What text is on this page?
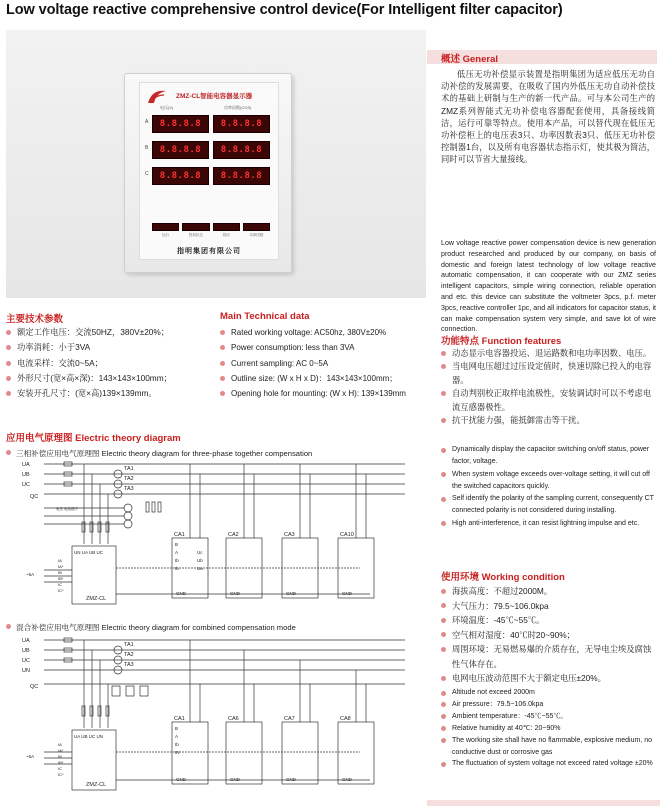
Low voltage reactive comprehensive control device(For Intelligent filter capacitor)
ZMZ-CL智能电容器显示器
电压(V)	功率因数(COS)
A 8.8.8.8 8.8.8.8
B 8.8.8.8 8.8.8.8
C 8.8.8.8 8.8.8.8
运行	投切状态	投切	功率因数
指明集团有限公司
概述 General

低压无功补偿显示装置是指明集团为适应低压无功自动补偿的发展需要，在吸收了国内外低压无功自动补偿技术的基础上研制与生产的新一代产品。可与本公司生产的ZMZ系列智能式无功补偿电容器配套使用，具备接线简洁，运行可靠等特点。使用本产品，可以替代现在低压无功补偿柜上的电压表3只、功率因数表3只、低压无功补偿控制器1台，以及所有电容器状态指示灯，使其极为简洁，同时可以节省大量接线。

Low voltage reactive power compensation device is new generation product researched and produced by our company, on basis of domestic and foreign latest technology of low voltage reactive automatic compensation, it can cooperate with our ZMZ series intelligent capacitors, simple wiring connection, reliable operation and etc. this device can substitute the voltmeter 3pcs, p.f. meter 3pcs, reactive controller 1pc, and all indicators for capacitor status, it can make compensation system very simple, and save lot of wire connection.

主要技术参数	Main Technical data
额定工作电压：交流50HZ，380V±20%；
功率消耗：小于3VA
电流采样：交流0~5A；
外形尺寸(宽×高×深)：143×143×100mm；
安装开孔尺寸：(宽×高)139×139mm。
Rated working voltage: AC50hz, 380V±20%
Power consumption: less than 3VA
Current sampling: AC 0~5A
Outline size: (W x H x D)：143×143×100mm；
Opening hole for mounting: (W x H): 139×139mm
功能特点 Function features
动态显示电容器投运、退运路数和电功率因数、电压。
当电网电压超过过压设定值时，快速切除已投入的电容器。
自动判别校正取样电流极性，安装调试时可以不考虑电流互感器极性。
抗干扰能力强，能抵御雷击等干扰。
Dynamically display the capacitor switching on/off status, power factor, voltage.
When system voltage exceeds over-voltage setting, it will cut off the switched capacitors quickly.
Self identify the polarity of the sampling current, consequently CT connected polarity is not considered during installing.
High anti-interference, it can resist lightning impulse and etc.
使用环境 Working condition
海拔高度：不超过2000M。
大气压力：79.5~106.0kpa
环境温度：-45℃~55℃。
空气相对湿度：40℃时20~90%；
周围环境：无易燃易爆的介质存在，无导电尘埃及腐蚀性气体存在。
电网电压波动范围不大于额定电压±20%。
Altitude not exceed 2000m
Air pressure：79.5~106.0kpa
Ambient temperature：-45℃~55℃。
Relative humidity at 40℃: 20~90%
The working site shall have no flammable, explosive medium, no conductive dust or corrosive gas
The fluctuation of system voltage not exceed rated voltage ±20%
应用电气原理图 Electric theory diagram
三相补偿应用电气原理图 Electric theory diagram for three-phase together compensation
UA
UB
UC
QC
TA1
TA2
TA3
电压 电流端子
UN UA UB UC
ZMZ-CL
~5A
IA
IA*
IB
IB*
IC
IC*
CA1	CA2	CA3	CA10
B
A
Ib
Ib
Uc
Ub
Ua
GND	GND	GND	GND
混合补偿应用电气原理图 Electric theory diagram for combined compensation mode
UA
UB
UC
UN
QC
TA1
TA2
TA3
UA UB UC UN
ZMZ-CL
~5A
IA
IA*
IB
IB*
IC
IC*
CA1	CA6	CA7	CA8
B
A
Ib
IN
GND	GND	GND	GND
